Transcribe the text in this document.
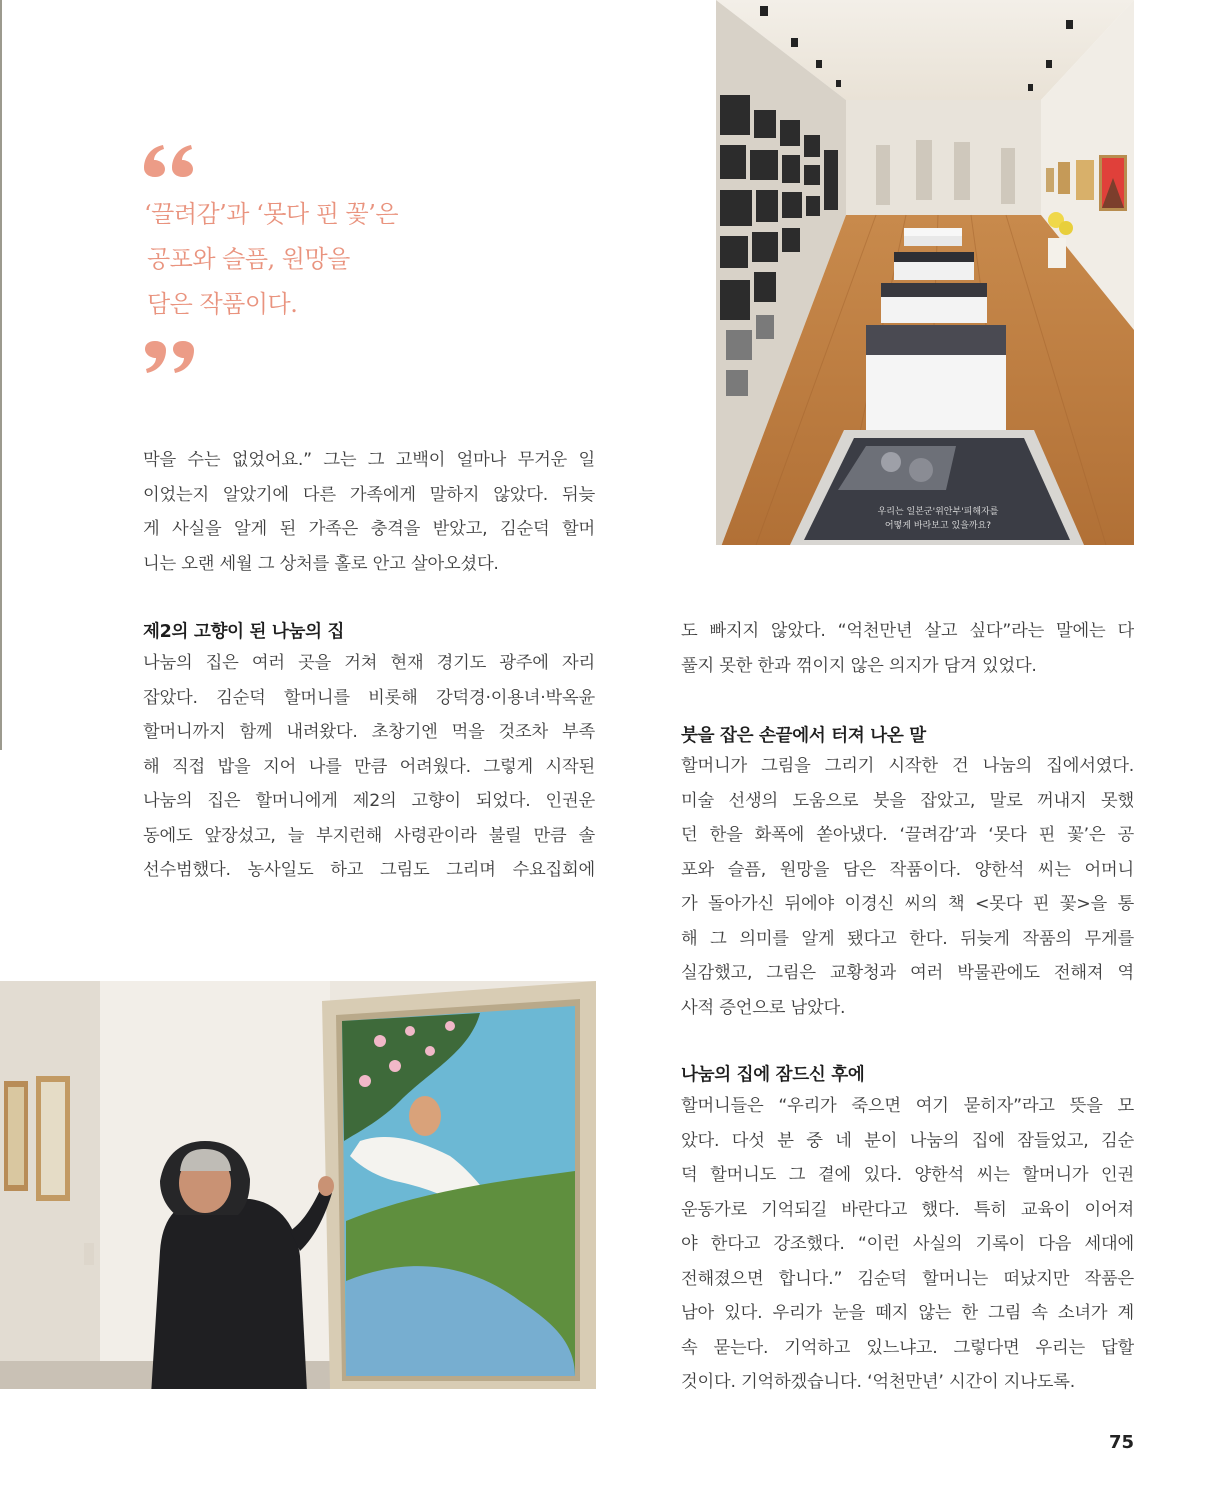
‘끌려감’과 ‘못다 핀 꽃’은
공포와 슬픔, 원망을
담은 작품이다.
막을 수는 없었어요.” 그는 그 고백이 얼마나 무거운 일
이었는지 알았기에 다른 가족에게 말하지 않았다. 뒤늦
게 사실을 알게 된 가족은 충격을 받았고, 김순덕 할머
니는 오랜 세월 그 상처를 홀로 안고 살아오셨다.
제2의 고향이 된 나눔의 집
나눔의 집은 여러 곳을 거쳐 현재 경기도 광주에 자리
잡았다. 김순덕 할머니를 비롯해 강덕경·이용녀·박옥윤
할머니까지 함께 내려왔다. 초창기엔 먹을 것조차 부족
해 직접 밥을 지어 나를 만큼 어려웠다. 그렇게 시작된
나눔의 집은 할머니에게 제2의 고향이 되었다. 인권운
동에도 앞장섰고, 늘 부지런해 사령관이라 불릴 만큼 솔
선수범했다. 농사일도 하고 그림도 그리며 수요집회에
우리는 일본군'위안부'피해자를
어떻게 바라보고 있을까요?
도 빠지지 않았다. “억천만년 살고 싶다”라는 말에는 다
풀지 못한 한과 꺾이지 않은 의지가 담겨 있었다.
붓을 잡은 손끝에서 터져 나온 말
할머니가 그림을 그리기 시작한 건 나눔의 집에서였다.
미술 선생의 도움으로 붓을 잡았고, 말로 꺼내지 못했
던 한을 화폭에 쏟아냈다. ‘끌려감’과 ‘못다 핀 꽃’은 공
포와 슬픔, 원망을 담은 작품이다. 양한석 씨는 어머니
가 돌아가신 뒤에야 이경신 씨의 책 <못다 핀 꽃>을 통
해 그 의미를 알게 됐다고 한다. 뒤늦게 작품의 무게를
실감했고, 그림은 교황청과 여러 박물관에도 전해져 역
사적 증언으로 남았다.
나눔의 집에 잠드신 후에
할머니들은 “우리가 죽으면 여기 묻히자”라고 뜻을 모
았다. 다섯 분 중 네 분이 나눔의 집에 잠들었고, 김순
덕 할머니도 그 곁에 있다. 양한석 씨는 할머니가 인권
운동가로 기억되길 바란다고 했다. 특히 교육이 이어져
야 한다고 강조했다. “이런 사실의 기록이 다음 세대에
전해졌으면 합니다.” 김순덕 할머니는 떠났지만 작품은
남아 있다. 우리가 눈을 떼지 않는 한 그림 속 소녀가 계
속 묻는다. 기억하고 있느냐고. 그렇다면 우리는 답할
것이다. 기억하겠습니다. ‘억천만년’ 시간이 지나도록.
75
